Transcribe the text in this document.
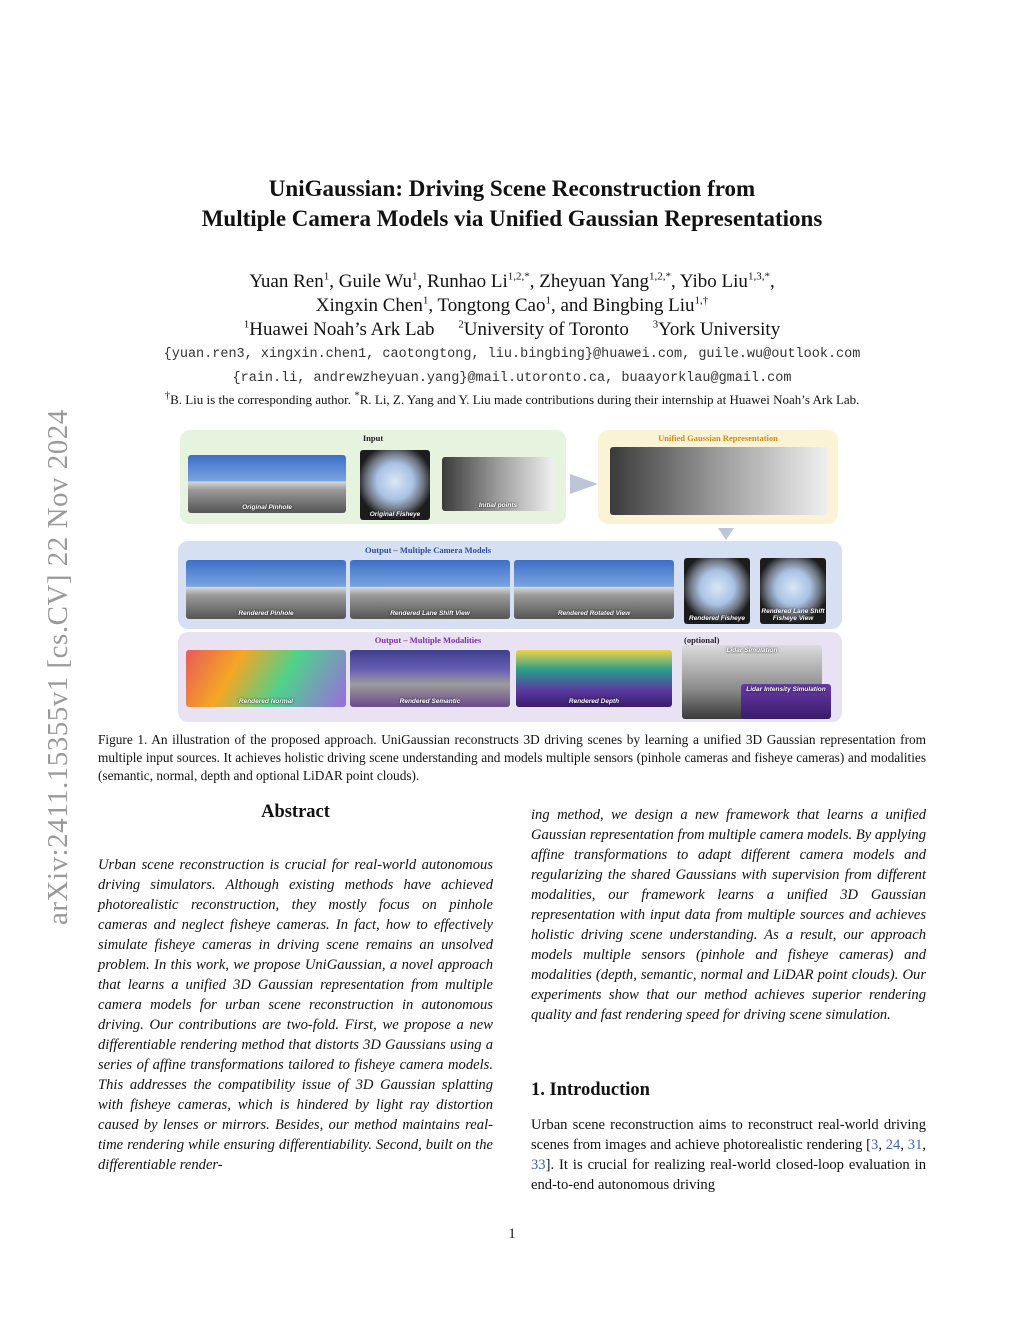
arXiv:2411.15355v1 [cs.CV] 22 Nov 2024
UniGaussian: Driving Scene Reconstruction from
Multiple Camera Models via Unified Gaussian Representations
Yuan Ren$^1$, Guile Wu$^1$, Runhao $Li^{1,2,*}$, Zheyuan Yang$^{1,2,*}$, Yibo Liu$^{1,3,*}$,
Xingxin Chen$^1$, Tongtong Cao$^1$, and Bingbing Liu$^{1,\dagger}$
$^1$Huawei Noah’s Ark Lab $^2$University of Toronto $^3$York University
{yuan.ren3, xingxin.chen1, caotongtong, liu.bingbing}@huawei.com, guile.wu@outlook.com
{rain.li, andrewzheyuan.yang}@mail.utoronto.ca, buaayorklau@gmail.com
†B. Liu is the corresponding author. *R. Li, Z. Yang and Y. Liu made contributions during their internship at Huawei Noah’s Ark Lab.
Input
Original Pinhole
Original Fisheye
Initial points
Unified Gaussian Representation
Output – Multiple Camera Models
Rendered Pinhole	Rendered Lane Shift View	Rendered Rotated View
Rendered Fisheye
Rendered Lane Shift Fisheye View
Output – Multiple Modalities	(optional)
Rendered Normal	Rendered Semantic	Rendered Depth
Lidar Simulation
Lidar Intensity Simulation
Figure 1. An illustration of the proposed approach. UniGaussian reconstructs 3D driving scenes by learning a unified 3D Gaussian representation from multiple input sources. It achieves holistic driving scene understanding and models multiple sensors (pinhole cameras and fisheye cameras) and modalities (semantic, normal, depth and optional LiDAR point clouds).
Abstract
Urban scene reconstruction is crucial for real-world autonomous driving simulators. Although existing methods have achieved photorealistic reconstruction, they mostly focus on pinhole cameras and neglect fisheye cameras. In fact, how to effectively simulate fisheye cameras in driving scene remains an unsolved problem. In this work, we propose UniGaussian, a novel approach that learns a unified 3D Gaussian representation from multiple camera models for urban scene reconstruction in autonomous driving. Our contributions are two-fold. First, we propose a new differentiable rendering method that distorts 3D Gaussians using a series of affine transformations tailored to fisheye camera models. This addresses the compatibility issue of 3D Gaussian splatting with fisheye cameras, which is hindered by light ray distortion caused by lenses or mirrors. Besides, our method maintains real-time rendering while ensuring differentiability. Second, built on the differentiable render-
ing method, we design a new framework that learns a unified Gaussian representation from multiple camera models. By applying affine transformations to adapt different camera models and regularizing the shared Gaussians with supervision from different modalities, our framework learns a unified 3D Gaussian representation with input data from multiple sources and achieves holistic driving scene understanding. As a result, our approach models multiple sensors (pinhole and fisheye cameras) and modalities (depth, semantic, normal and LiDAR point clouds). Our experiments show that our method achieves superior rendering quality and fast rendering speed for driving scene simulation.
1. Introduction
Urban scene reconstruction aims to reconstruct real-world driving scenes from images and achieve photorealistic rendering [3, 24, 31, 33]. It is crucial for realizing real-world closed-loop evaluation in end-to-end autonomous driving
1
